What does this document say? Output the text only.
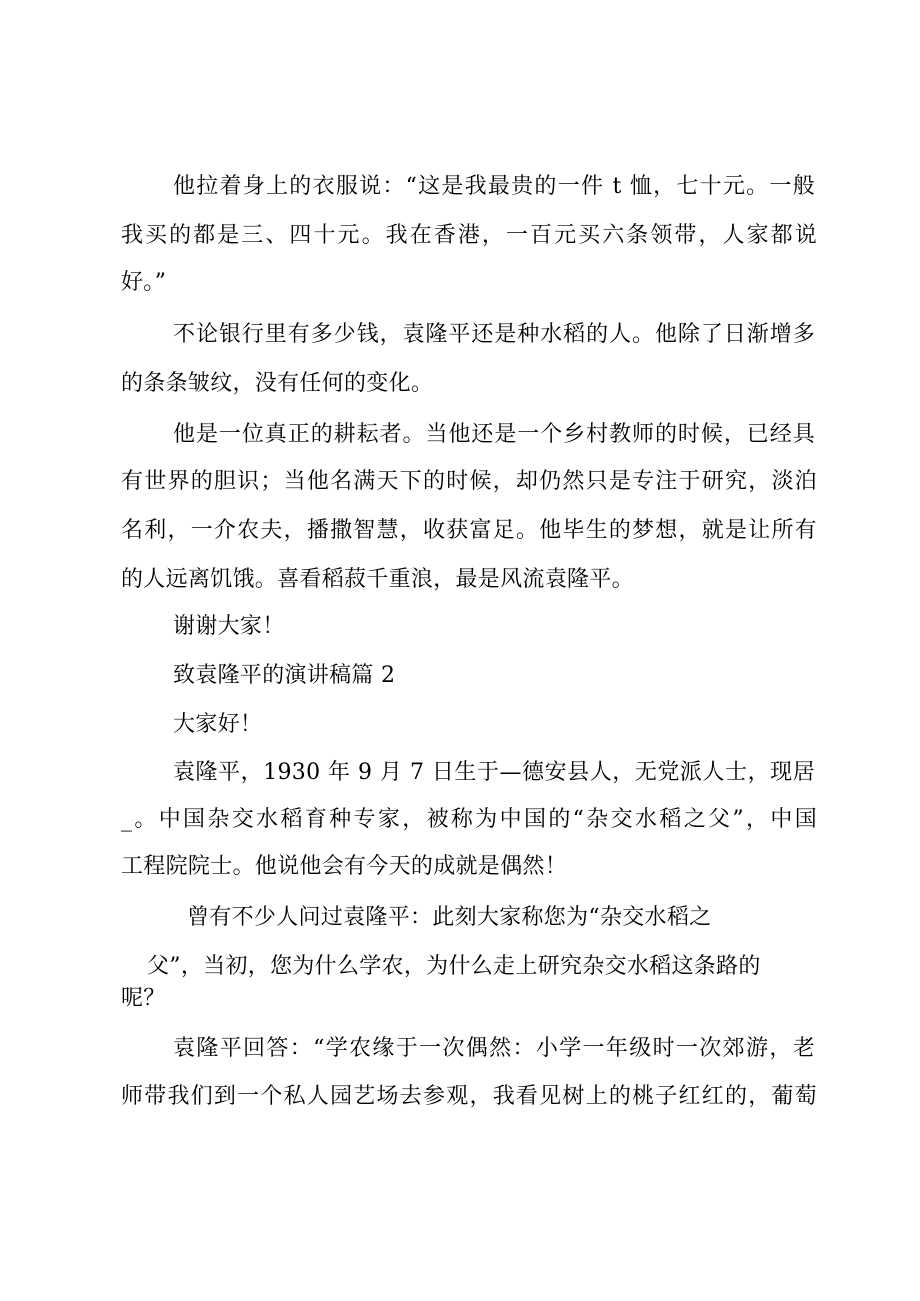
他拉着身上的衣服说：“这是我最贵的一件 t 恤，七十元。一般
我买的都是三、四十元。我在香港，一百元买六条领带，人家都说
好。”
不论银行里有多少钱，袁隆平还是种水稻的人。他除了日渐增多
的条条皱纹，没有任何的变化。
他是一位真正的耕耘者。当他还是一个乡村教师的时候，已经具
有世界的胆识；当他名满天下的时候，却仍然只是专注于研究，淡泊
名利，一介农夫，播撒智慧，收获富足。他毕生的梦想，就是让所有
的人远离饥饿。喜看稻菽千重浪，最是风流袁隆平。
谢谢大家！
致袁隆平的演讲稿篇 2
大家好！
袁隆平，1930 年 9 月 7 日生于—德安县人，无党派人士，现居
_。中国杂交水稻育种专家，被称为中国的“杂交水稻之父”，中国
工程院院士。他说他会有今天的成就是偶然！
曾有不少人问过袁隆平：此刻大家称您为“杂交水稻之
父”，当初，您为什么学农，为什么走上研究杂交水稻这条路的
呢？
袁隆平回答：“学农缘于一次偶然：小学一年级时一次郊游，老
师带我们到一个私人园艺场去参观，我看见树上的桃子红红的，葡萄
